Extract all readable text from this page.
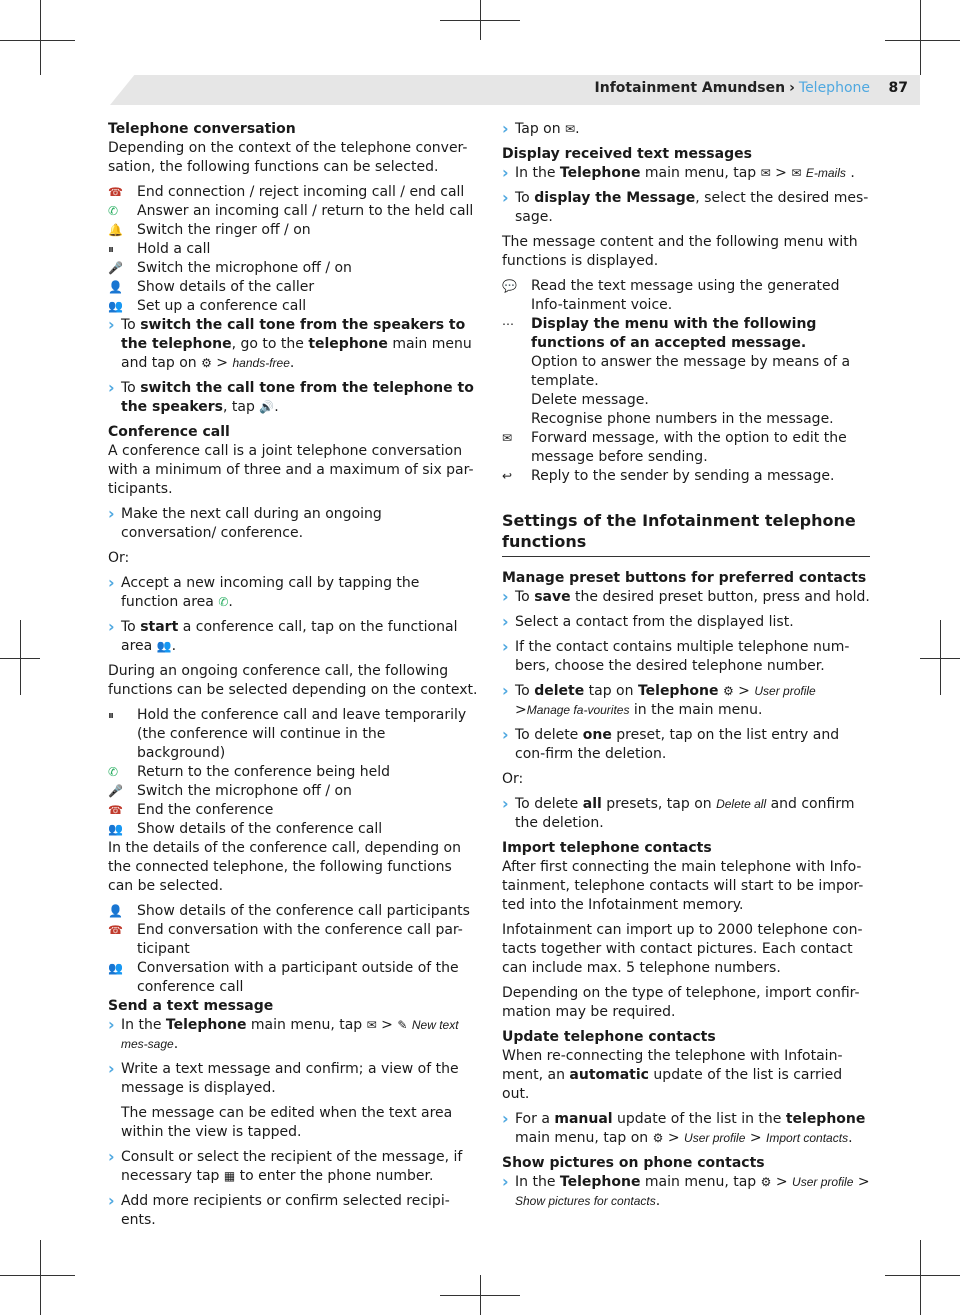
Infotainment Amundsen › Telephone 87
Telephone conversation
Depending on the context of the telephone conver-sation, the following functions can be selected.
☎	End connection / reject incoming call / end call
✆	Answer an incoming call / return to the held call
🔔	Switch the ringer off / on
⏸	Hold a call
🎤	Switch the microphone off / on
👤	Show details of the caller
👥	Set up a conference call
› To switch the call tone from the speakers to the telephone, go to the telephone main menu and tap on ⚙ > hands-free.
› To switch the call tone from the telephone to the speakers, tap 🔊.
Conference call
A conference call is a joint telephone conversation with a minimum of three and a maximum of six par-ticipants.
› Make the next call during an ongoing conversation/ conference.
Or:
› Accept a new incoming call by tapping the function area ✆.
› To start a conference call, tap on the functional area 👥.
During an ongoing conference call, the following functions can be selected depending on the context.
⏸	Hold the conference call and leave temporarily (the conference will continue in the background)
✆	Return to the conference being held
🎤	Switch the microphone off / on
☎	End the conference
👥	Show details of the conference call
In the details of the conference call, depending on the connected telephone, the following functions can be selected.
👤	Show details of the conference call participants
☎	End conversation with the conference call par-ticipant
👥	Conversation with a participant outside of the conference call
Send a text message
› In the Telephone main menu, tap ✉ > ✎ New text mes-sage.
› Write a text message and confirm; a view of the message is displayed.
The message can be edited when the text area within the view is tapped.
› Consult or select the recipient of the message, if necessary tap ▦ to enter the phone number.
› Add more recipients or confirm selected recipi-ents.
› Tap on ✉.
Display received text messages
› In the Telephone main menu, tap ✉ > ✉ E-mails .
› To display the Message, select the desired mes-sage.
The message content and the following menu with functions is displayed.
💬	Read the text message using the generated Info-tainment voice.
⋯	Display the menu with the following functions of an accepted message.
Option to answer the message by means of a template.
Delete message.
Recognise phone numbers in the message.
✉	Forward message, with the option to edit the message before sending.
↩	Reply to the sender by sending a message.
Settings of the Infotainment telephone functions
Manage preset buttons for preferred contacts
› To save the desired preset button, press and hold.
› Select a contact from the displayed list.
› If the contact contains multiple telephone num-bers, choose the desired telephone number.
› To delete tap on Telephone ⚙ > User profile >Manage fa-vourites in the main menu.
› To delete one preset, tap on the list entry and con-firm the deletion.
Or:
› To delete all presets, tap on Delete all and confirm the deletion.
Import telephone contacts
After first connecting the main telephone with Info-tainment, telephone contacts will start to be impor-ted into the Infotainment memory.
Infotainment can import up to 2000 telephone con-tacts together with contact pictures. Each contact can include max. 5 telephone numbers.
Depending on the type of telephone, import confir-mation may be required.
Update telephone contacts
When re-connecting the telephone with Infotain-ment, an automatic update of the list is carried out.
› For a manual update of the list in the telephone main menu, tap on ⚙ > User profile > Import contacts.
Show pictures on phone contacts
› In the Telephone main menu, tap ⚙ > User profile > Show pictures for contacts.
